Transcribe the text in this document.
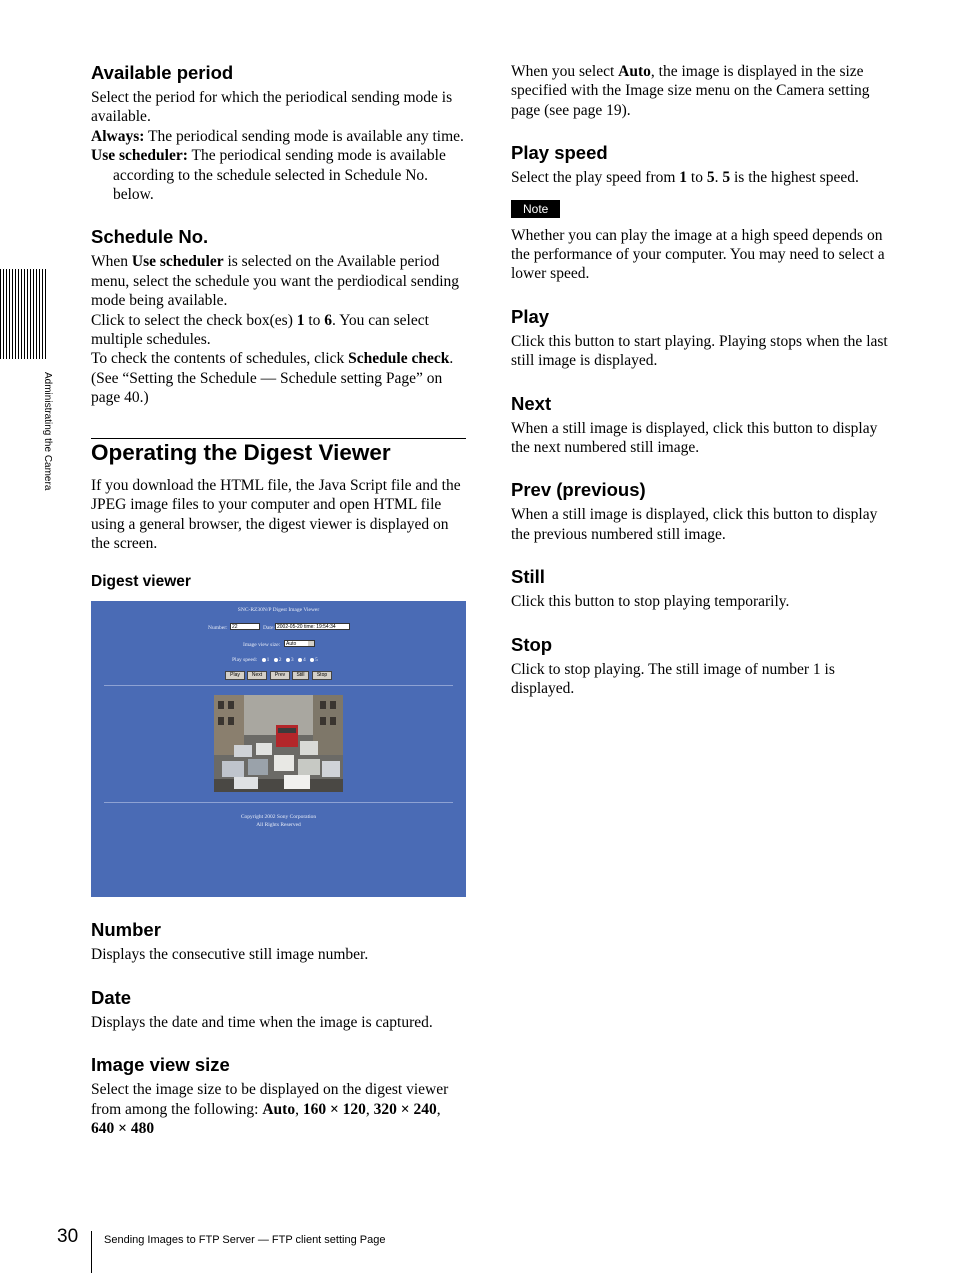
Administrating the Camera
Available period

Select the period for which the periodical sending mode is available.

Always: The periodical sending mode is available any time.

Use scheduler: The periodical sending mode is available according to the schedule selected in Schedule No. below.

Schedule No.

When Use scheduler is selected on the Available period menu, select the schedule you want the perdiodical sending mode being available.

Click to select the check box(es) 1 to 6. You can select multiple schedules.

To check the contents of schedules, click Schedule check. (See “Setting the Schedule — Schedule setting Page” on page 40.)

Operating the Digest Viewer

If you download the HTML file, the Java Script file and the JPEG image files to your computer and open HTML file using a general browser, the digest viewer is displayed on the screen.

Digest viewer
SNC-RZ30N/P Digest Image Viewer
Number: 22	Date: 2002-05-20 time: 19:54:34
Image view size:	Auto
Play speed: 1 2 3 4 5
Play	Next	Prev	Still	Stop
Copyright 2002 Sony Corporation
All Rights Reserved
Number

Displays the consecutive still image number.

Date

Displays the date and time when the image is captured.

Image view size

Select the image size to be displayed on the digest viewer from among the following: Auto, 160 × 120, 320 × 240, 640 × 480

When you select Auto, the image is displayed in the size specified with the Image size menu on the Camera setting page (see page 19).

Play speed

Select the play speed from 1 to 5. 5 is the highest speed.

Note

Whether you can play the image at a high speed depends on the performance of your computer. You may need to select a lower speed.

Play

Click this button to start playing. Playing stops when the last still image is displayed.

Next

When a still image is displayed, click this button to display the next numbered still image.

Prev (previous)

When a still image is displayed, click this button to display the previous numbered still image.

Still

Click this button to stop playing temporarily.

Stop

Click to stop playing. The still image of number 1 is displayed.

30 Sending Images to FTP Server — FTP client setting Page
